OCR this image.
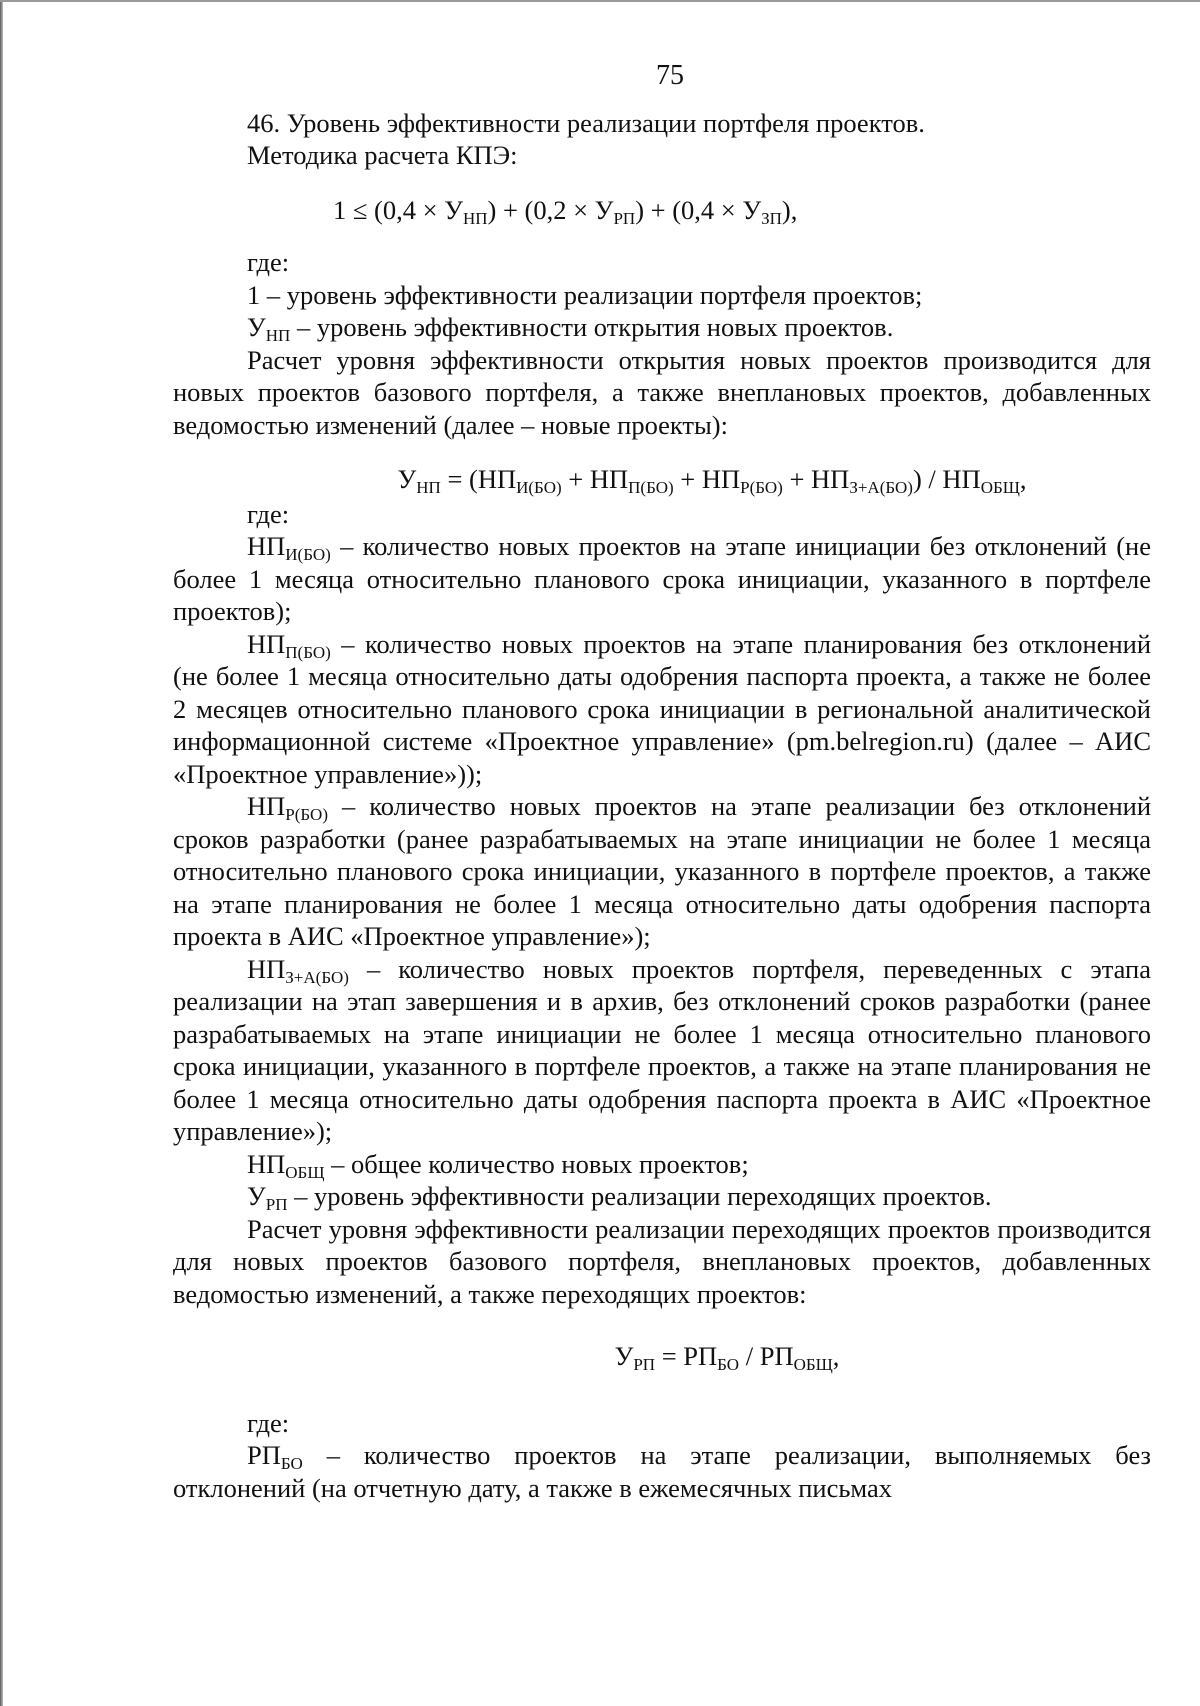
75

46. Уровень эффективности реализации портфеля проектов.

Методика расчета КПЭ:

$1 \le (0,4 \times У_{НП}) + (0,2 \times У_{РП}) + (0,4 \times У_{ЗП})$,

где:

1 – уровень эффективности реализации портфеля проектов;

$У_{НП}$ – уровень эффективности открытия новых проектов.

Расчет уровня эффективности открытия новых проектов производится для новых проектов базового портфеля, а также внеплановых проектов, добавленных ведомостью изменений (далее – новые проекты):

$У_{НП} = (НП_{И(БО)} + НП_{П(БО)} + НП_{Р(БО)} + НП_{З+А(БО)}) / НП_{ОБЩ}$,

где:

$НП_{И(БО)}$ – количество новых проектов на этапе инициации без отклонений (не более 1 месяца относительно планового срока инициации, указанного в портфеле проектов);

$НП_{П(БО)}$ – количество новых проектов на этапе планирования без отклонений (не более 1 месяца относительно даты одобрения паспорта проекта, а также не более 2 месяцев относительно планового срока инициации в региональной аналитической информационной системе «Проектное управление» (pm.belregion.ru) (далее – АИС «Проектное управление»));

$НП_{Р(БО)}$ – количество новых проектов на этапе реализации без отклонений сроков разработки (ранее разрабатываемых на этапе инициации не более 1 месяца относительно планового срока инициации, указанного в портфеле проектов, а также на этапе планирования не более 1 месяца относительно даты одобрения паспорта проекта в АИС «Проектное управление»);

$НП_{З+А(БО)}$ – количество новых проектов портфеля, переведенных с этапа реализации на этап завершения и в архив, без отклонений сроков разработки (ранее разрабатываемых на этапе инициации не более 1 месяца относительно планового срока инициации, указанного в портфеле проектов, а также на этапе планирования не более 1 месяца относительно даты одобрения паспорта проекта в АИС «Проектное управление»);

$НП_{ОБЩ}$ – общее количество новых проектов;

$У_{РП}$ – уровень эффективности реализации переходящих проектов.

Расчет уровня эффективности реализации переходящих проектов производится для новых проектов базового портфеля, внеплановых проектов, добавленных ведомостью изменений, а также переходящих проектов:

$У_{РП} = РП_{БО} / РП_{ОБЩ}$,

где:

$РП_{БО}$ – количество проектов на этапе реализации, выполняемых без отклонений (на отчетную дату, а также в ежемесячных письмах
